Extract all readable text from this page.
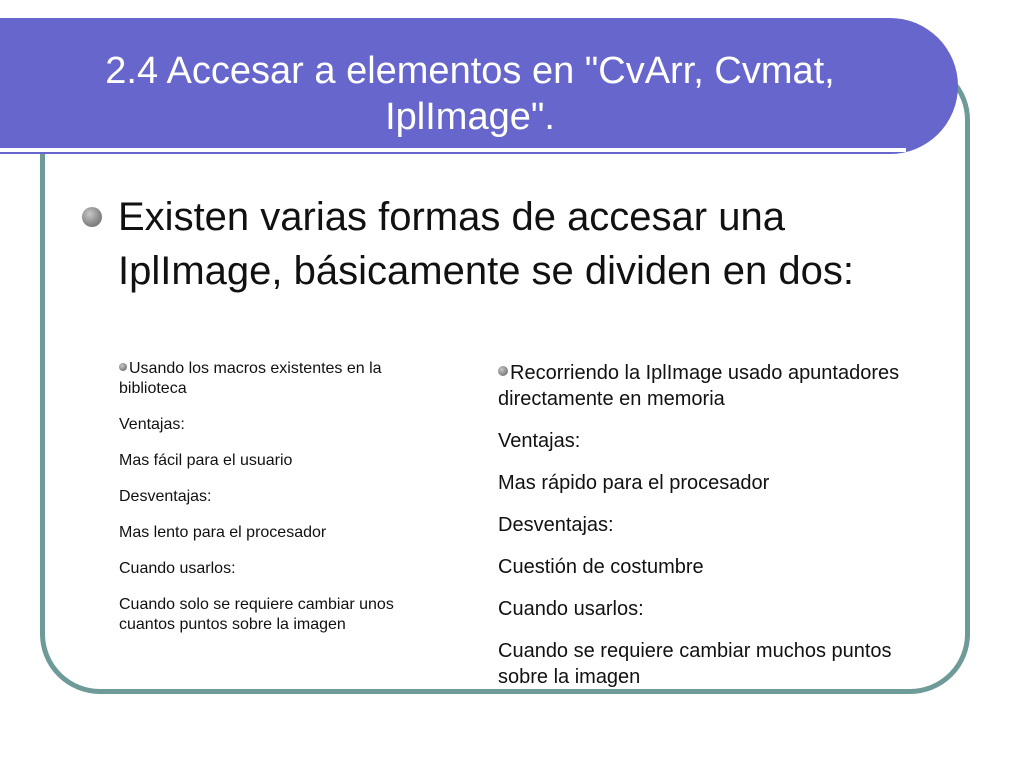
2.4 Accesar a elementos en "CvArr, Cvmat, IplImage".
Existen varias formas de accesar una IplImage, básicamente se dividen en dos:

Usando los macros existentes en la biblioteca

Ventajas:

Mas fácil para el usuario

Desventajas:

Mas lento para el procesador

Cuando usarlos:

Cuando solo se requiere cambiar unos cuantos puntos sobre la imagen

Recorriendo la IplImage usado apuntadores directamente en memoria

Ventajas:

Mas rápido para el procesador

Desventajas:

Cuestión de costumbre

Cuando usarlos:

Cuando se requiere cambiar muchos puntos sobre la imagen
